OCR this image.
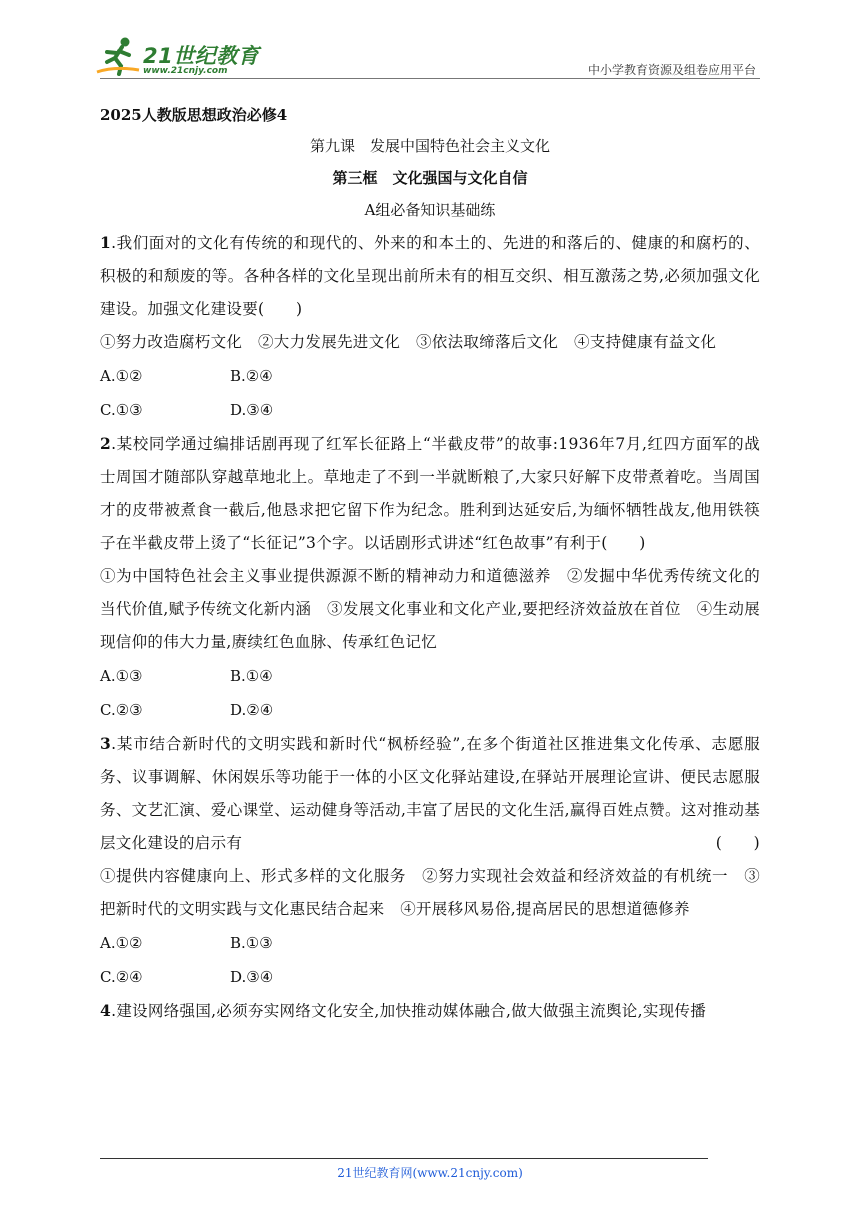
21世纪教育
www.21cnjy.com	中小学教育资源及组卷应用平台
2025人教版思想政治必修4
第九课　发展中国特色社会主义文化
第三框　文化强国与文化自信
A组必备知识基础练

1.我们面对的文化有传统的和现代的、外来的和本土的、先进的和落后的、健康的和腐朽的、积极的和颓废的等。各种各样的文化呈现出前所未有的相互交织、相互激荡之势,必须加强文化建设。加强文化建设要(　　)

①努力改造腐朽文化　②大力发展先进文化　③依法取缔落后文化　④支持健康有益文化

A.①②	B.②④
C.①③	D.③④

2.某校同学通过编排话剧再现了红军长征路上“半截皮带”的故事:1936年7月,红四方面军的战士周国才随部队穿越草地北上。草地走了不到一半就断粮了,大家只好解下皮带煮着吃。当周国才的皮带被煮食一截后,他恳求把它留下作为纪念。胜利到达延安后,为缅怀牺牲战友,他用铁筷子在半截皮带上烫了“长征记”3个字。以话剧形式讲述“红色故事”有利于(　　)

①为中国特色社会主义事业提供源源不断的精神动力和道德滋养　②发掘中华优秀传统文化的当代价值,赋予传统文化新内涵　③发展文化事业和文化产业,要把经济效益放在首位　④生动展现信仰的伟大力量,赓续红色血脉、传承红色记忆

A.①③	B.①④
C.②③	D.②④

3.某市结合新时代的文明实践和新时代“枫桥经验”,在多个街道社区推进集文化传承、志愿服务、议事调解、休闲娱乐等功能于一体的小区文化驿站建设,在驿站开展理论宣讲、便民志愿服务、文艺汇演、爱心课堂、运动健身等活动,丰富了居民的文化生活,赢得百姓点赞。这对推动基层文化建设的启示有	(　　)

①提供内容健康向上、形式多样的文化服务　②努力实现社会效益和经济效益的有机统一　③把新时代的文明实践与文化惠民结合起来　④开展移风易俗,提高居民的思想道德修养

A.①②	B.①③
C.②④	D.③④

4.建设网络强国,必须夯实网络文化安全,加快推动媒体融合,做大做强主流舆论,实现传播

21世纪教育网(www.21cnjy.com)
